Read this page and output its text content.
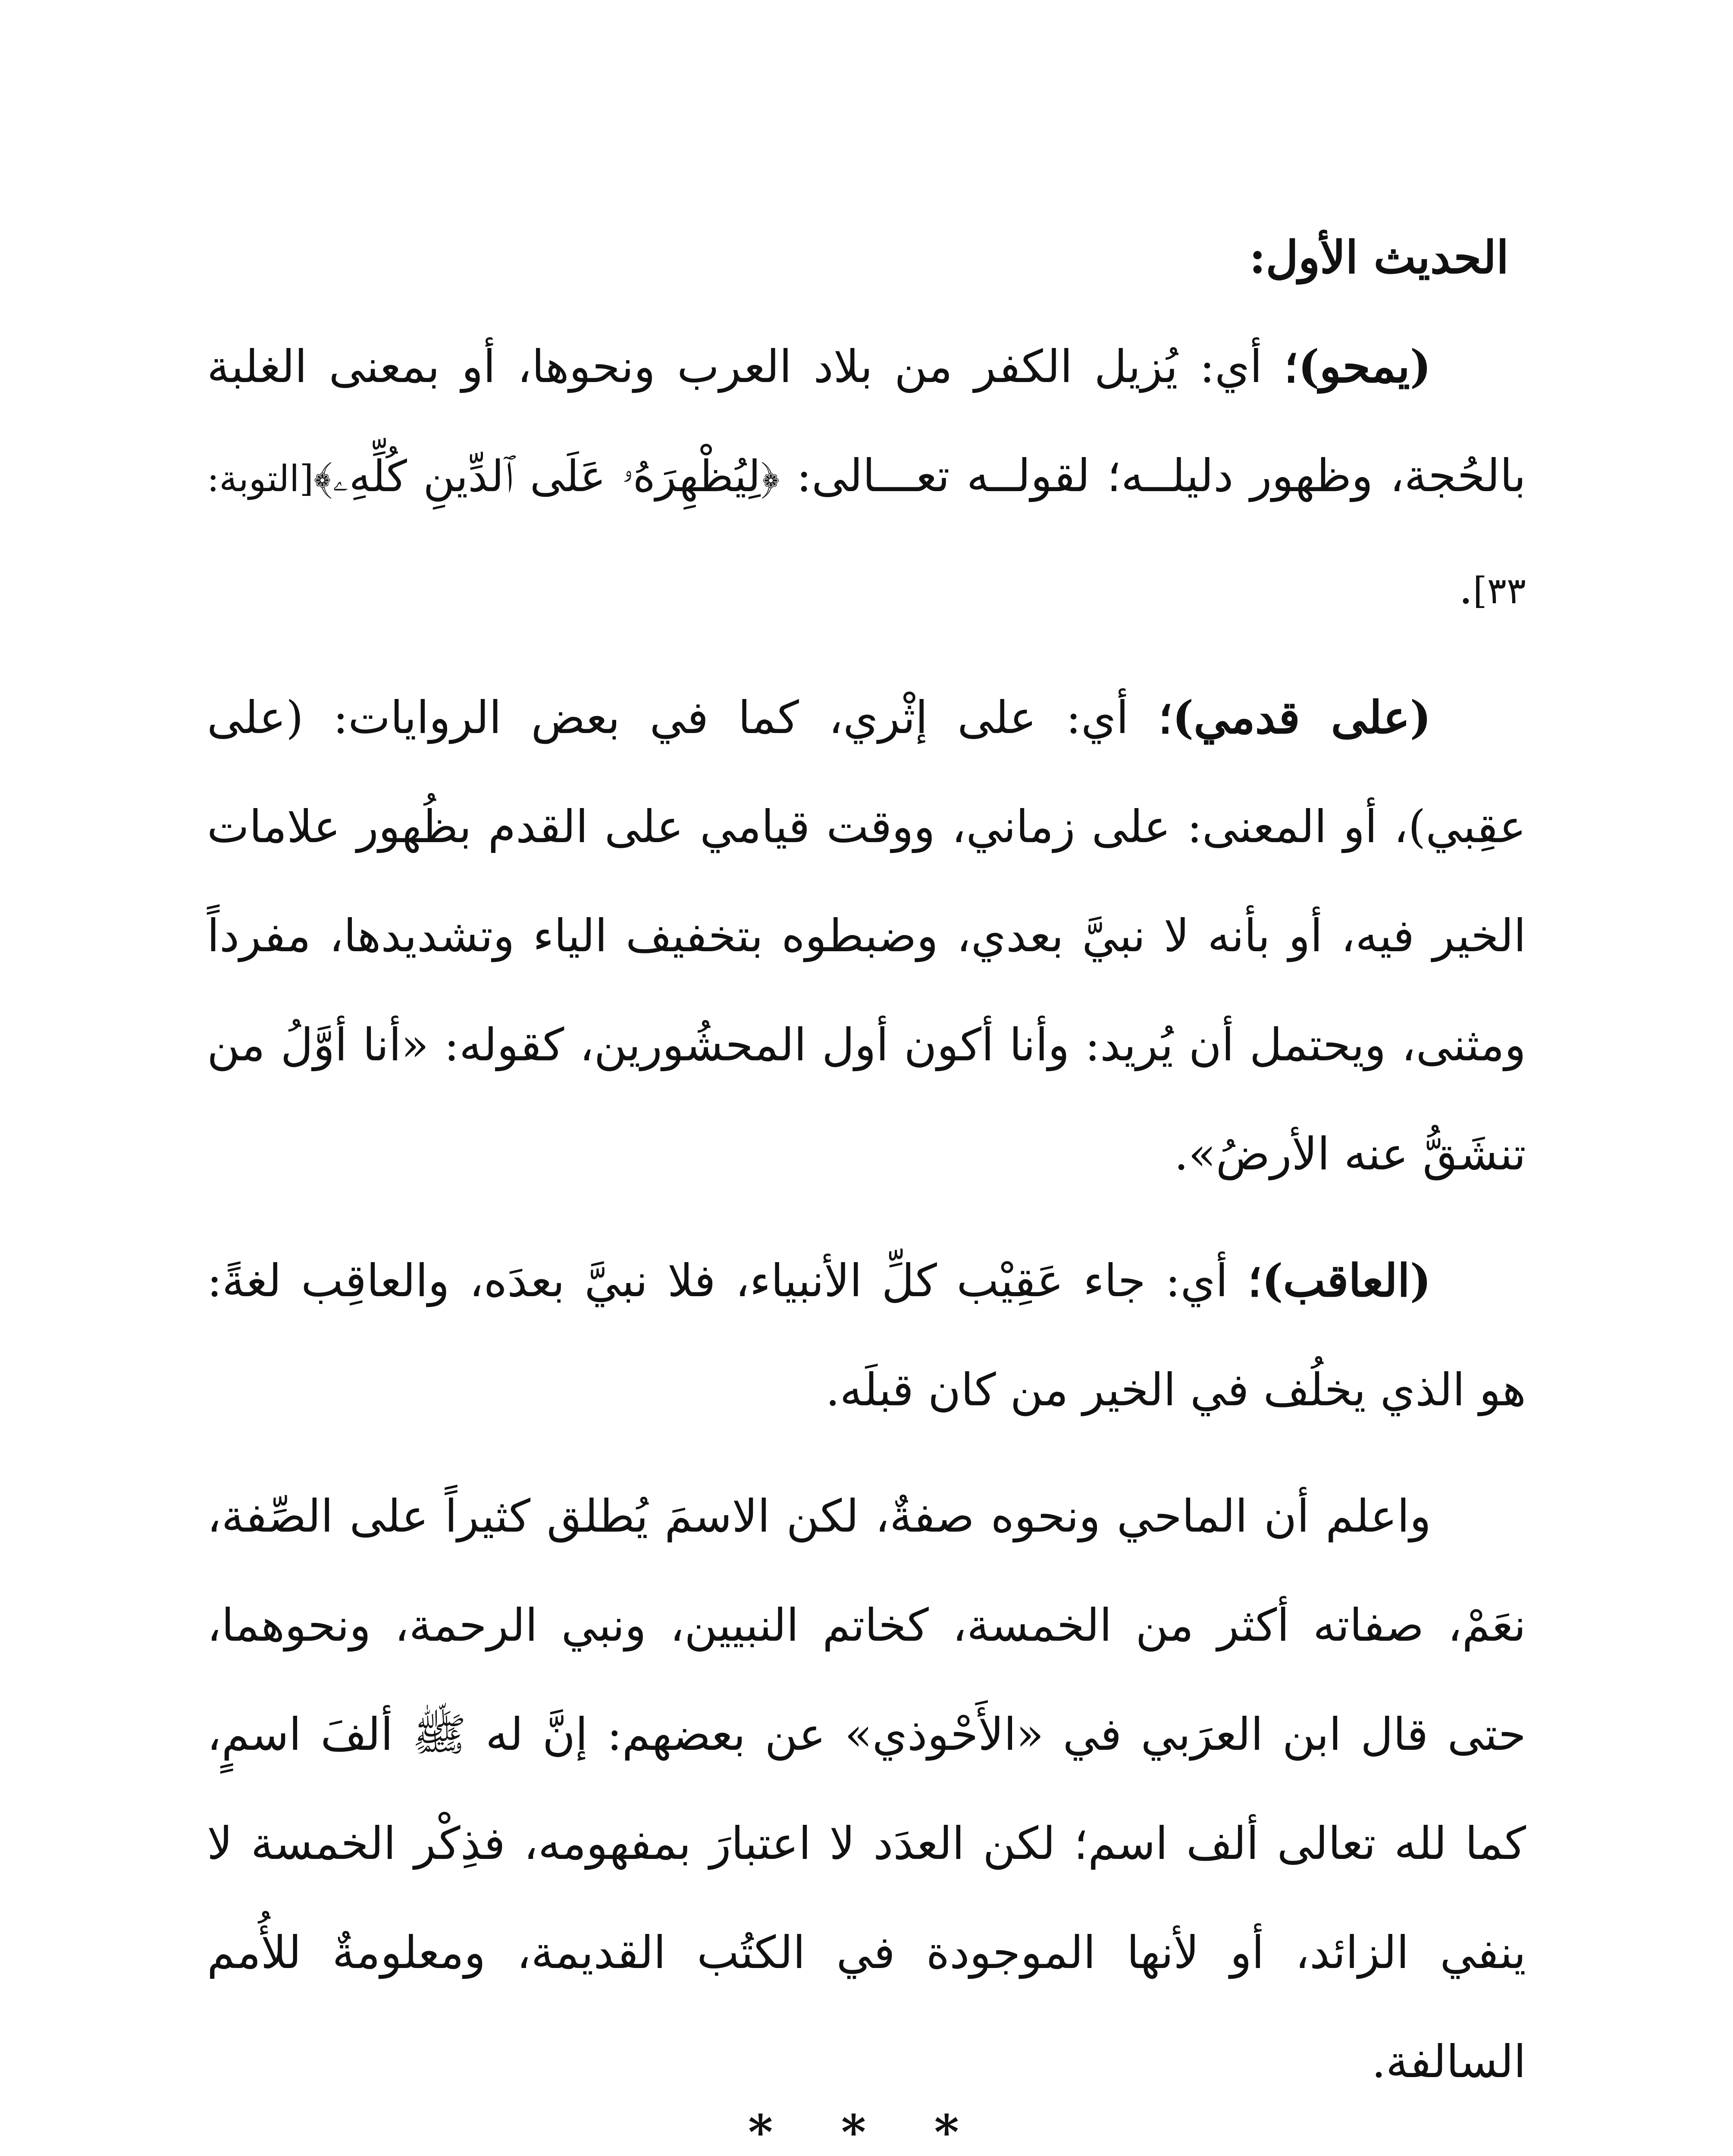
الحديث الأول:

(يمحو)؛ أي: يُزيل الكفر من بلاد العرب ونحوها، أو بمعنى الغلبة بالحُجة، وظهور دليلــه؛ لقولــه تعـــالى: ﴿لِيُظْهِرَهُۥ عَلَى ٱلدِّينِ كُلِّهِۦ﴾[التوبة: ٣٣].

(على قدمي)؛ أي: على إثْري، كما في بعض الروايات: (على عقِبي)، أو المعنى: على زماني، ووقت قيامي على القدم بظُهور علامات الخير فيه، أو بأنه لا نبيَّ بعدي، وضبطوه بتخفيف الياء وتشديدها، مفرداً ومثنى، ويحتمل أن يُريد: وأنا أكون أول المحشُورين، كقوله: «أنا أوَّلُ من تنشَقُّ عنه الأرضُ».

(العاقب)؛ أي: جاء عَقِيْب كلِّ الأنبياء، فلا نبيَّ بعدَه، والعاقِب لغةً: هو الذي يخلُف في الخير من كان قبلَه.

واعلم أن الماحي ونحوه صفةٌ، لكن الاسمَ يُطلق كثيراً على الصِّفة، نعَمْ، صفاته أكثر من الخمسة، كخاتم النبيين، ونبي الرحمة، ونحوهما، حتى قال ابن العرَبي في «الأَحْوذي» عن بعضهم: إنَّ له ﷺ ألفَ اسمٍ، كما لله تعالى ألف اسم؛ لكن العدَد لا اعتبارَ بمفهومه، فذِكْر الخمسة لا ينفي الزائد، أو لأنها الموجودة في الكتُب القديمة، ومعلومةٌ للأُمم السالفة.

* * *
